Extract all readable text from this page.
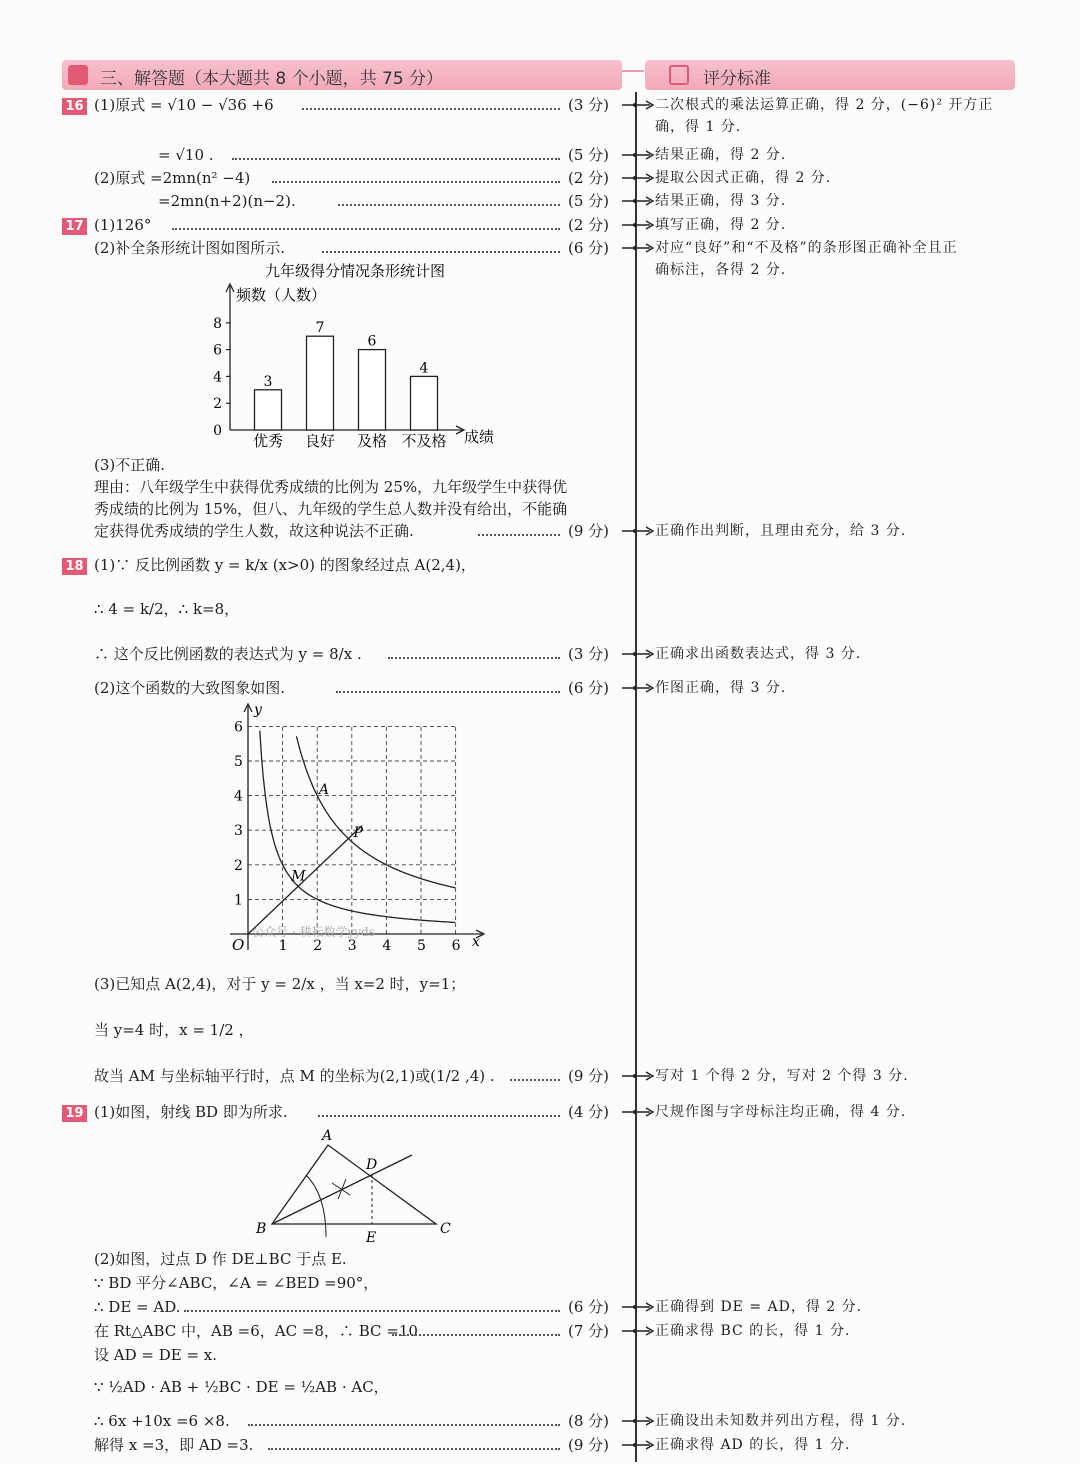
三、解答题（本大题共 8 个小题，共 75 分）	评分标准
16 (1)原式 = √10 − √36 +6	(3 分)	二次根式的乘法运算正确，得 2 分，(−6)² 开方正
确，得 1 分.
= √10 .	(5 分)	结果正确，得 2 分.
(2)原式 =2mn(n² −4)	(2 分)	提取公因式正确，得 2 分.
=2mn(n+2)(n−2).	(5 分)	结果正确，得 3 分.
17 (1)126°	(2 分)	填写正确，得 2 分.
(2)补全条形统计图如图所示.	(6 分)	对应“良好”和“不及格”的条形图正确补全且正
确标注，各得 2 分.
九年级得分情况条形统计图
频数（人数）
成绩
0
2
4
6
8
3
优秀
7
良好
6
及格
4
不及格
(3)不正确.
理由：八年级学生中获得优秀成绩的比例为 25%，九年级学生中获得优
秀成绩的比例为 15%，但八、九年级的学生总人数并没有给出，不能确
定获得优秀成绩的学生人数，故这种说法不正确.	(9 分)	正确作出判断，且理由充分，给 3 分.
18 (1)∵ 反比例函数 y = k/x (x>0) 的图象经过点 A(2,4)，
∴ 4 = k/2，∴ k=8，
∴ 这个反比例函数的表达式为 y = 8/x .	(3 分)	正确求出函数表达式，得 3 分.
(2)这个函数的大致图象如图.	(6 分)	作图正确，得 3 分.
y
x
O 1 2 3 4 5 6
1
2
3
4
5
6
A
P
M
公众号 · 耕耘数学yyds
(3)已知点 A(2,4)，对于 y = 2/x ，当 x=2 时，y=1；
当 y=4 时，x = 1/2 ，
故当 AM 与坐标轴平行时，点 M 的坐标为(2,1)或(1/2 ,4) .	(9 分)	写对 1 个得 2 分，写对 2 个得 3 分.
19 (1)如图，射线 BD 即为所求.	(4 分)	尺规作图与字母标注均正确，得 4 分.
A
B	C
D
E
(2)如图，过点 D 作 DE⊥BC 于点 E.
∵ BD 平分∠ABC，∠A = ∠BED =90°，
∴ DE = AD.	(6 分)	正确得到 DE = AD，得 2 分.
在 Rt△ABC 中，AB =6，AC =8，∴ BC =10.	(7 分)	正确求得 BC 的长，得 1 分.
设 AD = DE = x.
∵ ½AD · AB + ½BC · DE = ½AB · AC，
∴ 6x +10x =6 ×8.	(8 分)	正确设出未知数并列出方程，得 1 分.
解得 x =3，即 AD =3.	(9 分)	正确求得 AD 的长，得 1 分.
